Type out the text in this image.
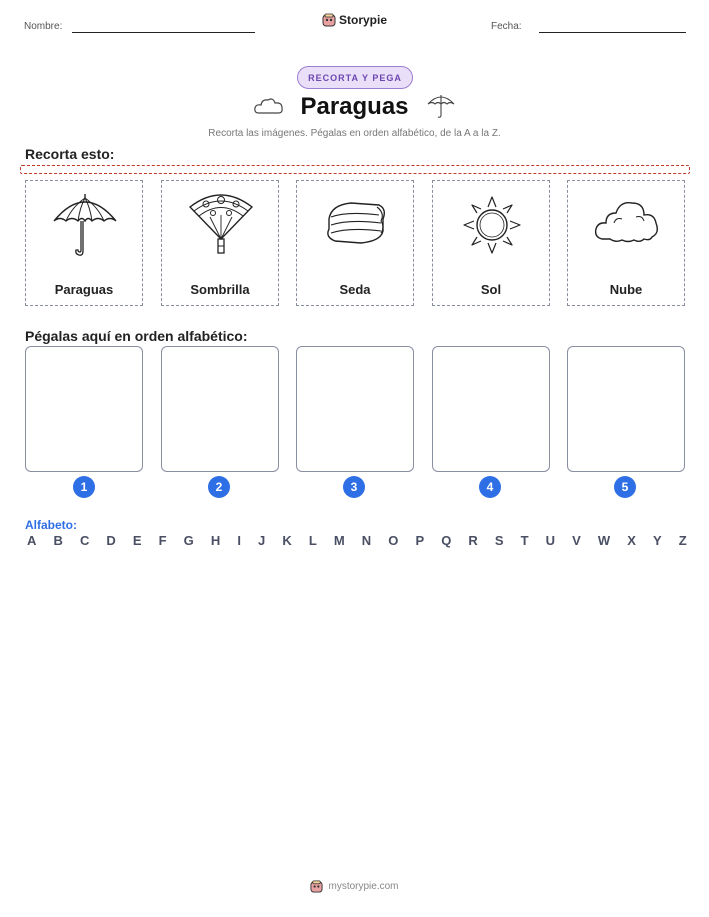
Nombre:	Storypie	Fecha:
RECORTA Y PEGA
Paraguas
Recorta las imágenes. Pégalas en orden alfabético, de la A a la Z.
Recorta esto:
Paraguas	Sombrilla	Seda	Sol	Nube
Pégalas aquí en orden alfabético:
1	2	3	4	5
Alfabeto:
A B C D E F G H I J K L M N O P Q R S T U V W X Y Z
mystorypie.com
